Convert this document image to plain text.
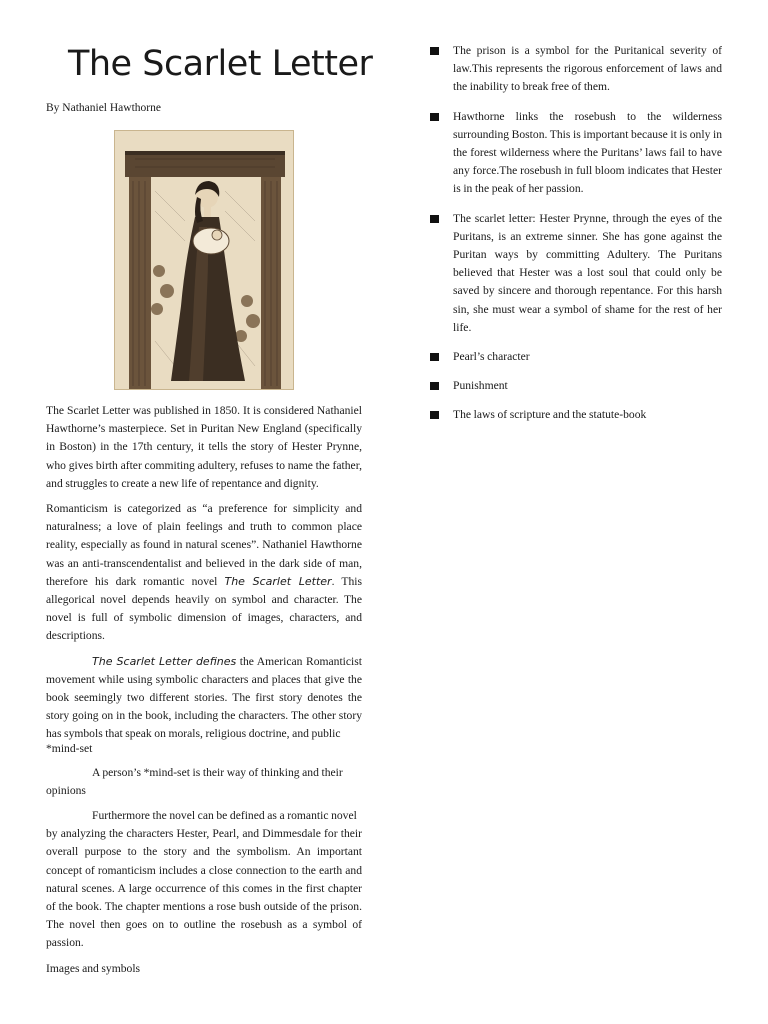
The Scarlet Letter
By Nathaniel Hawthorne

The Scarlet Letter was published in 1850. It is considered Nathaniel Hawthorne’s masterpiece. Set in Puritan New England (specifically in Boston) in the 17th century, it tells the story of Hester Prynne, who gives birth after commiting adultery, refuses to name the father, and struggles to create a new life of repentance and dignity.

Romanticism is categorized as “a preference for simplicity and naturalness; a love of plain feelings and truth to common place reality, especially as found in natural scenes”. Nathaniel Hawthorne was an anti-transcendentalist and believed in the dark side of man, therefore his dark romantic novel The Scarlet Letter. This allegorical novel depends heavily on symbol and character. The novel is full of symbolic dimension of images, characters, and descriptions.

The Scarlet Letter defines the American Romanticist movement while using symbolic characters and places that give the book seemingly two different stories. The first story denotes the story going on in the book, including the characters. The other story has symbols that speak on morals, religious doctrine, and public

*mind-set

A person’s *mind-set is their way of thinking and their opinions

Furthermore the novel can be defined as a romantic novel
by analyzing the characters Hester, Pearl, and Dimmesdale for their overall purpose to the story and the symbolism. An important concept of romanticism includes a close connection to the earth and natural scenes. A large occurrence of this comes in the first chapter of the book. The chapter mentions a rose bush outside of the prison. The novel then goes on to outline the rosebush as a symbol of passion.

Images and symbols

The prison is a symbol for the Puritanical severity of law.This represents the rigorous enforcement of laws and the inability to break free of them.
Hawthorne links the rosebush to the wilderness surrounding Boston. This is important because it is only in the forest wilderness where the Puritans’ laws fail to have any force.The rosebush in full bloom indicates that Hester is in the peak of her passion.
The scarlet letter: Hester Prynne, through the eyes of the Puritans, is an extreme sinner. She has gone against the Puritan ways by committing Adultery. The Puritans believed that Hester was a lost soul that could only be saved by sincere and thorough repentance. For this harsh sin, she must wear a symbol of shame for the rest of her life.
Pearl’s character
Punishment
The laws of scripture and the statute-book
